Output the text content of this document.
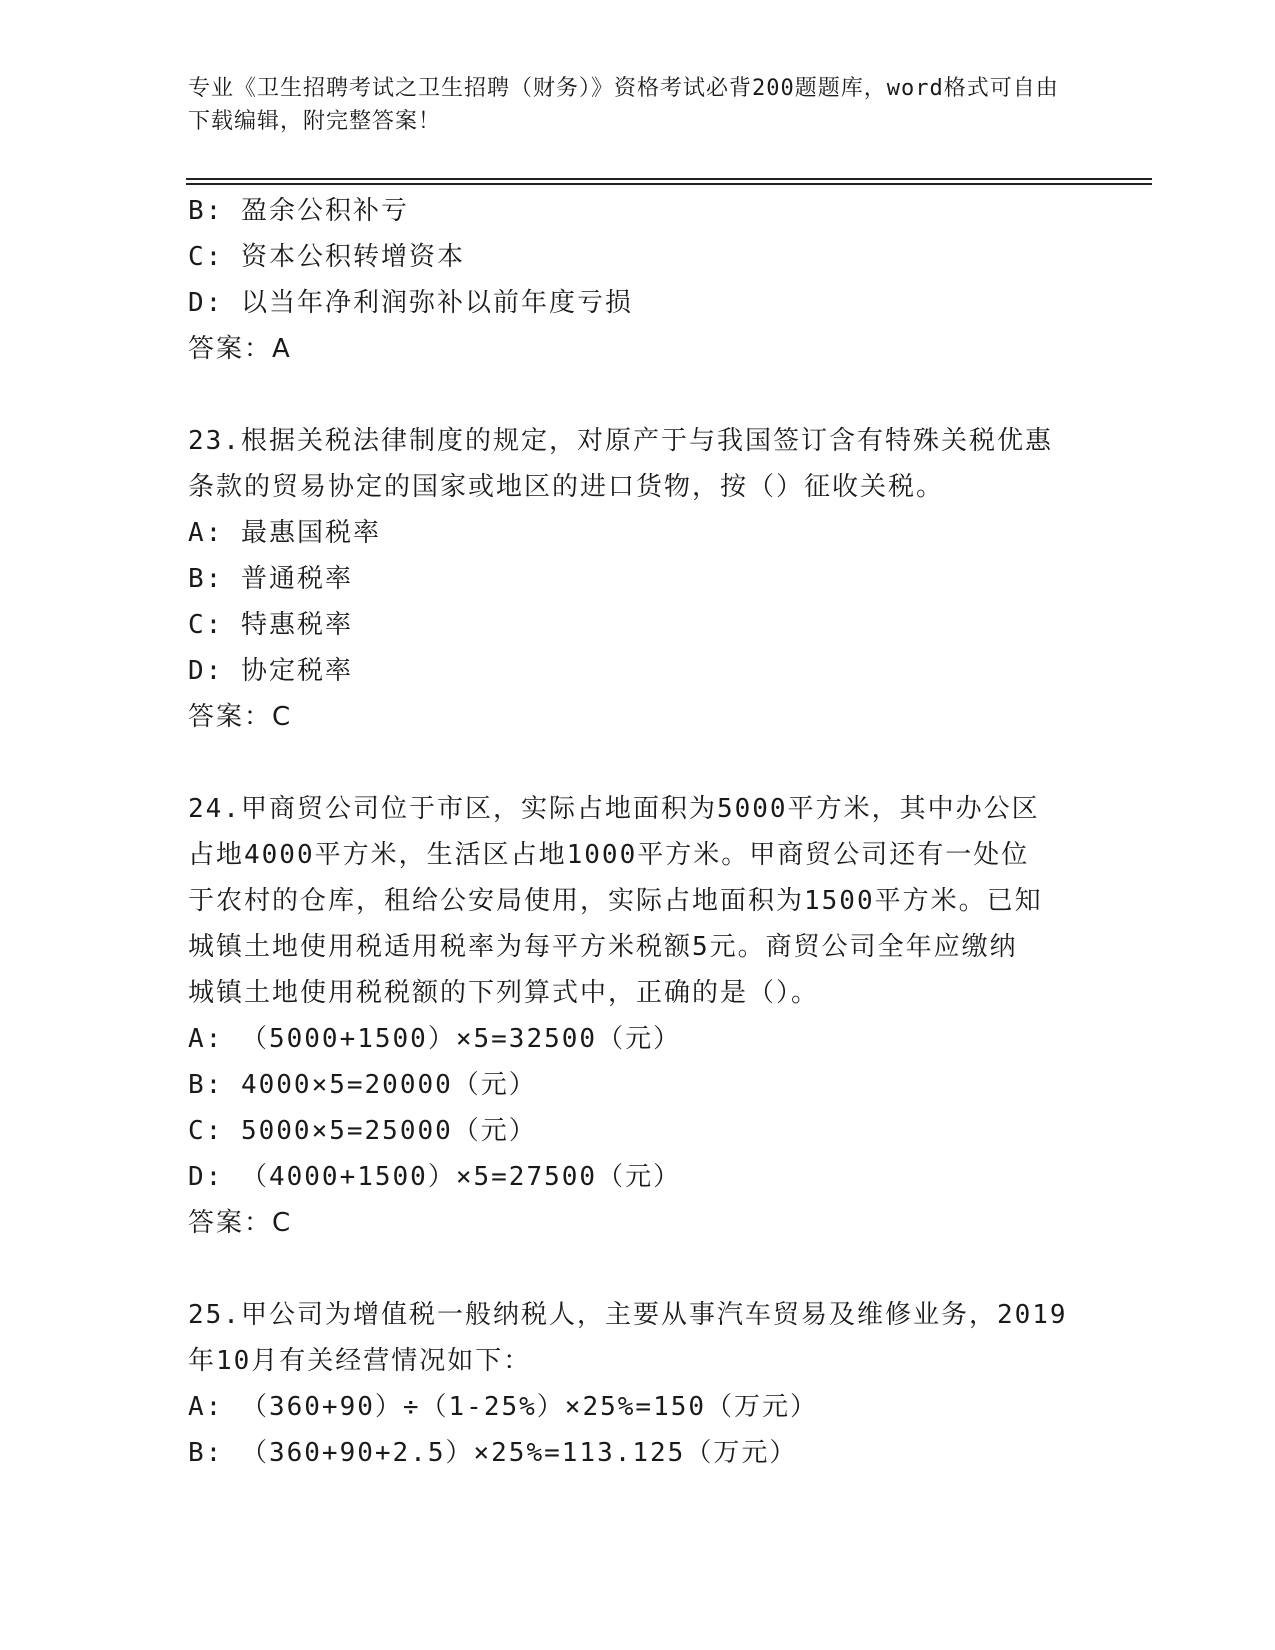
专业《卫生招聘考试之卫生招聘（财务）》资格考试必背200题题库，word格式可自由下载编辑，附完整答案！
B: 盈余公积补亏
C: 资本公积转增资本
D: 以当年净利润弥补以前年度亏损
答案：A
23.根据关税法律制度的规定，对原产于与我国签订含有特殊关税优惠
条款的贸易协定的国家或地区的进口货物，按（）征收关税。
A: 最惠国税率
B: 普通税率
C: 特惠税率
D: 协定税率
答案：C
24.甲商贸公司位于市区，实际占地面积为5000平方米，其中办公区
占地4000平方米，生活区占地1000平方米。甲商贸公司还有一处位
于农村的仓库，租给公安局使用，实际占地面积为1500平方米。已知
城镇土地使用税适用税率为每平方米税额5元。商贸公司全年应缴纳
城镇土地使用税税额的下列算式中，正确的是（）。
A: （5000+1500）×5=32500（元）
B: 4000×5=20000（元）
C: 5000×5=25000（元）
D: （4000+1500）×5=27500（元）
答案：C
25.甲公司为增值税一般纳税人，主要从事汽车贸易及维修业务，2019
年10月有关经营情况如下：
A: （360+90）÷（1-25%）×25%=150（万元）
B: （360+90+2.5）×25%=113.125（万元）
